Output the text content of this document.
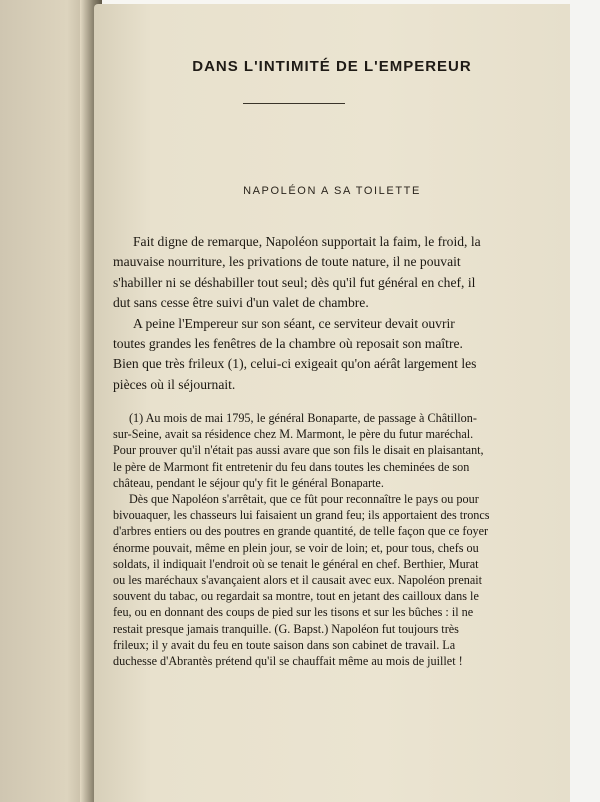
DANS L'INTIMITÉ DE L'EMPEREUR
NAPOLÉON A SA TOILETTE

Fait digne de remarque, Napoléon supportait la faim, le froid, la mauvaise nourriture, les privations de toute nature, il ne pouvait s'habiller ni se déshabiller tout seul; dès qu'il fut général en chef, il dut sans cesse être suivi d'un valet de chambre.

A peine l'Empereur sur son séant, ce serviteur devait ouvrir toutes grandes les fenêtres de la chambre où reposait son maître. Bien que très frileux (1), celui-ci exigeait qu'on aérât largement les pièces où il séjournait.

(1) Au mois de mai 1795, le général Bonaparte, de passage à Châtillon-sur-Seine, avait sa résidence chez M. Marmont, le père du futur maréchal. Pour prouver qu'il n'était pas aussi avare que son fils le disait en plaisantant, le père de Marmont fit entretenir du feu dans toutes les cheminées de son château, pendant le séjour qu'y fit le général Bonaparte.

Dès que Napoléon s'arrêtait, que ce fût pour reconnaître le pays ou pour bivouaquer, les chasseurs lui faisaient un grand feu; ils apportaient des troncs d'arbres entiers ou des poutres en grande quantité, de telle façon que ce foyer énorme pouvait, même en plein jour, se voir de loin; et, pour tous, chefs ou soldats, il indiquait l'endroit où se tenait le général en chef. Berthier, Murat ou les maréchaux s'avançaient alors et il causait avec eux. Napoléon prenait souvent du tabac, ou regardait sa montre, tout en jetant des cailloux dans le feu, ou en donnant des coups de pied sur les tisons et sur les bûches : il ne restait presque jamais tranquille. (G. Bapst.) Napoléon fut toujours très frileux; il y avait du feu en toute saison dans son cabinet de travail. La duchesse d'Abrantès prétend qu'il se chauffait même au mois de juillet !
